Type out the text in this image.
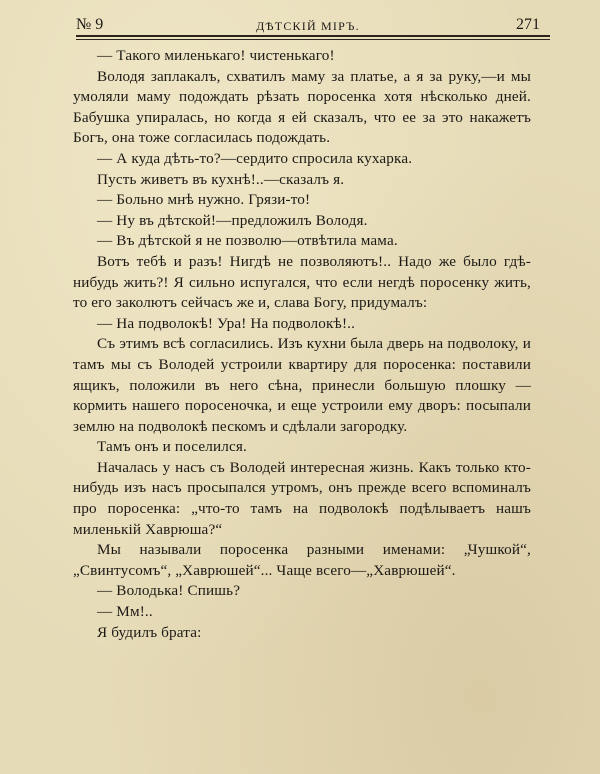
№ 9	ДѢТСКІЙ МІРЪ.	271

— Такого миленькаго! чистенькаго!

Володя заплакалъ, схватилъ маму за платье, а я за руку,—и мы умоляли маму подождать рѣзать поросенка хотя нѣсколько дней. Бабушка упиралась, но когда я ей сказалъ, что ее за это накажетъ Богъ, она тоже согласилась подождать.

— А куда дѣть-то?—сердито спросила кухарка.

Пусть живетъ въ кухнѣ!..—сказалъ я.

— Больно мнѣ нужно. Грязи-то!

— Ну въ дѣтской!—предложилъ Володя.

— Въ дѣтской я не позволю—отвѣтила мама.

Вотъ тебѣ и разъ! Нигдѣ не позволяютъ!.. Надо же было гдѣ-нибудь жить?! Я сильно испугался, что если негдѣ поросенку жить, то его заколютъ сейчасъ же и, слава Богу, придумалъ:

— На подволокѣ! Ура! На подволокѣ!..

Съ этимъ всѣ согласились. Изъ кухни была дверь на подволоку, и тамъ мы съ Володей устроили квартиру для поросенка: поставили ящикъ, положили въ него сѣна, принесли большую плошку — кормить нашего поросеночка, и еще устроили ему дворъ: посыпали землю на подволокѣ пескомъ и сдѣлали загородку.

Тамъ онъ и поселился.

Началась у насъ съ Володей интересная жизнь. Какъ только кто-нибудь изъ насъ просыпался утромъ, онъ прежде всего вспоминалъ про поросенка: „что-то тамъ на подволокѣ подѣлываетъ нашъ миленькій Хаврюша?“

Мы называли поросенка разными именами: „Чушкой“, „Свинтусомъ“, „Хаврюшей“... Чаще всего—„Хаврюшей“.

— Володька! Спишь?

— Мм!..

Я будилъ брата:
